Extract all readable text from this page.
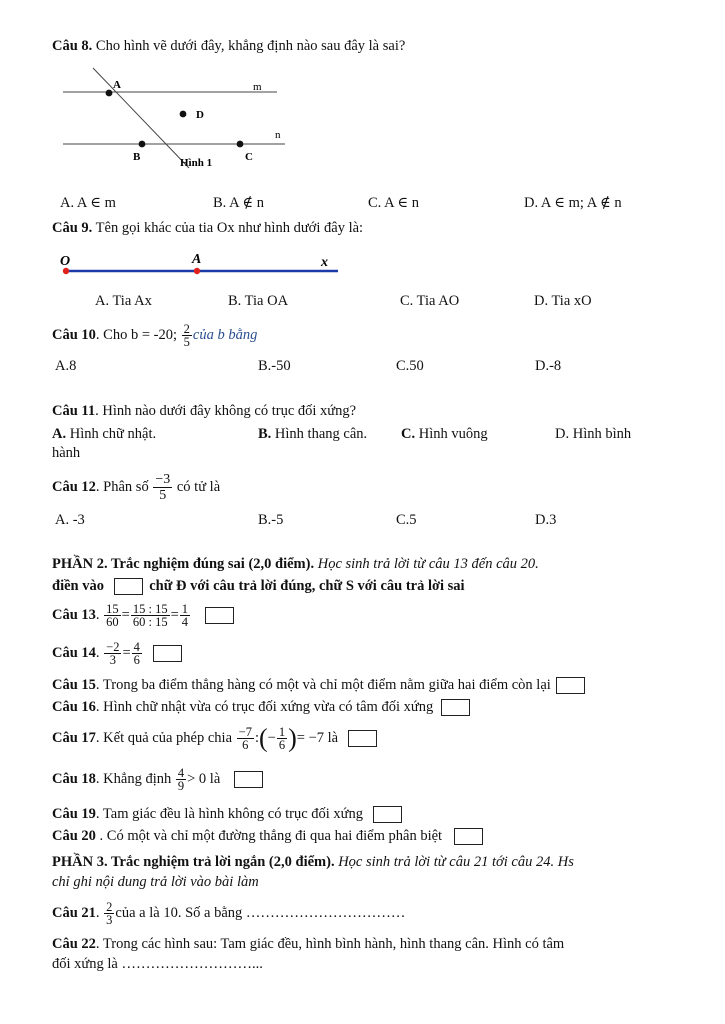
Câu 8. Cho hình vẽ dưới đây, khẳng định nào sau đây là sai?
A	m
D
n
B	C
Hình 1
A. A ∈ m	B. A ∉ n	C. A ∈ n	D. A ∈ m; A ∉ n
Câu 9. Tên gọi khác của tia Ox như hình dưới đây là:
O	A	x
A. Tia Ax	B. Tia OA	C. Tia AO	D. Tia xO
Câu 10. Cho b = -20; $\frac{2}{5}$ của b bằng
A.8	B.-50	C.50	D.-8
Câu 11. Hình nào dưới đây không có trục đối xứng?
A. Hình chữ nhật.	B. Hình thang cân. C. Hình vuông	D. Hình bình
hành
Câu 12. Phân số $\frac{-3}{5}$ có tử là
A. -3	B.-5	C.5	D.3
PHẦN 2. Trắc nghiệm đúng sai (2,0 điểm). Học sinh trả lời từ câu 13 đến câu 20.
điền vào	chữ Đ với câu trả lời đúng, chữ S với câu trả lời sai
Câu 13. $\frac{15}{60} = \frac{15 : 15}{60 : 15} = \frac{1}{4}$

Câu 14. $\frac{-2}{3} = \frac{4}{6}$

Câu 15. Trong ba điểm thẳng hàng có một và chỉ một điểm nằm giữa hai điểm còn lại
Câu 16. Hình chữ nhật vừa có trục đối xứng vừa có tâm đối xứng
Câu 17. Kết quả của phép chia $\frac{-7}{6}$ :(− $\frac{1}{6}$ )= −7 là
Câu 18. Khẳng định $\frac{4}{9} > 0$ là
Câu 19. Tam giác đều là hình không có trục đối xứng
Câu 20 . Có một và chỉ một đường thẳng đi qua hai điểm phân biệt
PHẦN 3. Trắc nghiệm trả lời ngắn (2,0 điểm). Học sinh trả lời từ câu 21 tới câu 24. Hs
chỉ ghi nội dung trả lời vào bài làm
Câu 21. $\frac{2}{3}$ của a là 10. Số a bằng ……………………………
Câu 22. Trong các hình sau: Tam giác đều, hình bình hành, hình thang cân. Hình có tâm
đối xứng là ………………………...
